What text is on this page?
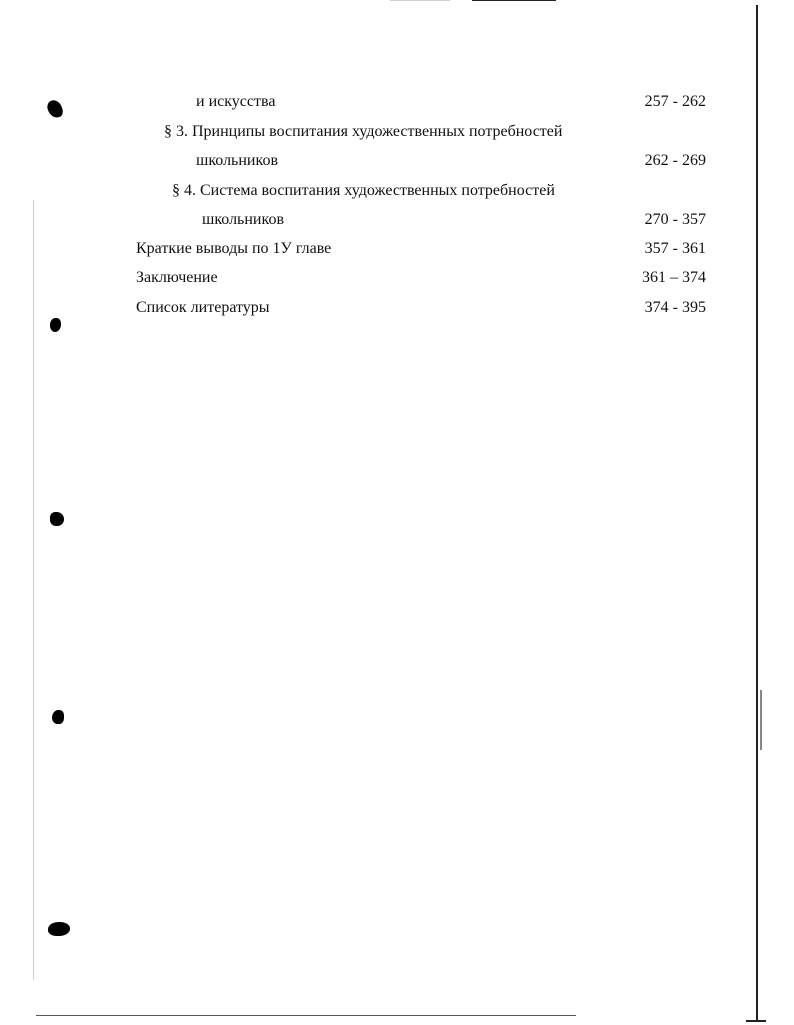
и искусства	257 - 262
§ 3. Принципы воспитания художественных потребностей
школьников	262 - 269
§ 4. Система воспитания художественных потребностей
школьников	270 - 357
Краткие выводы по 1У главе	357 - 361
Заключение	361 – 374
Список литературы	374 - 395
